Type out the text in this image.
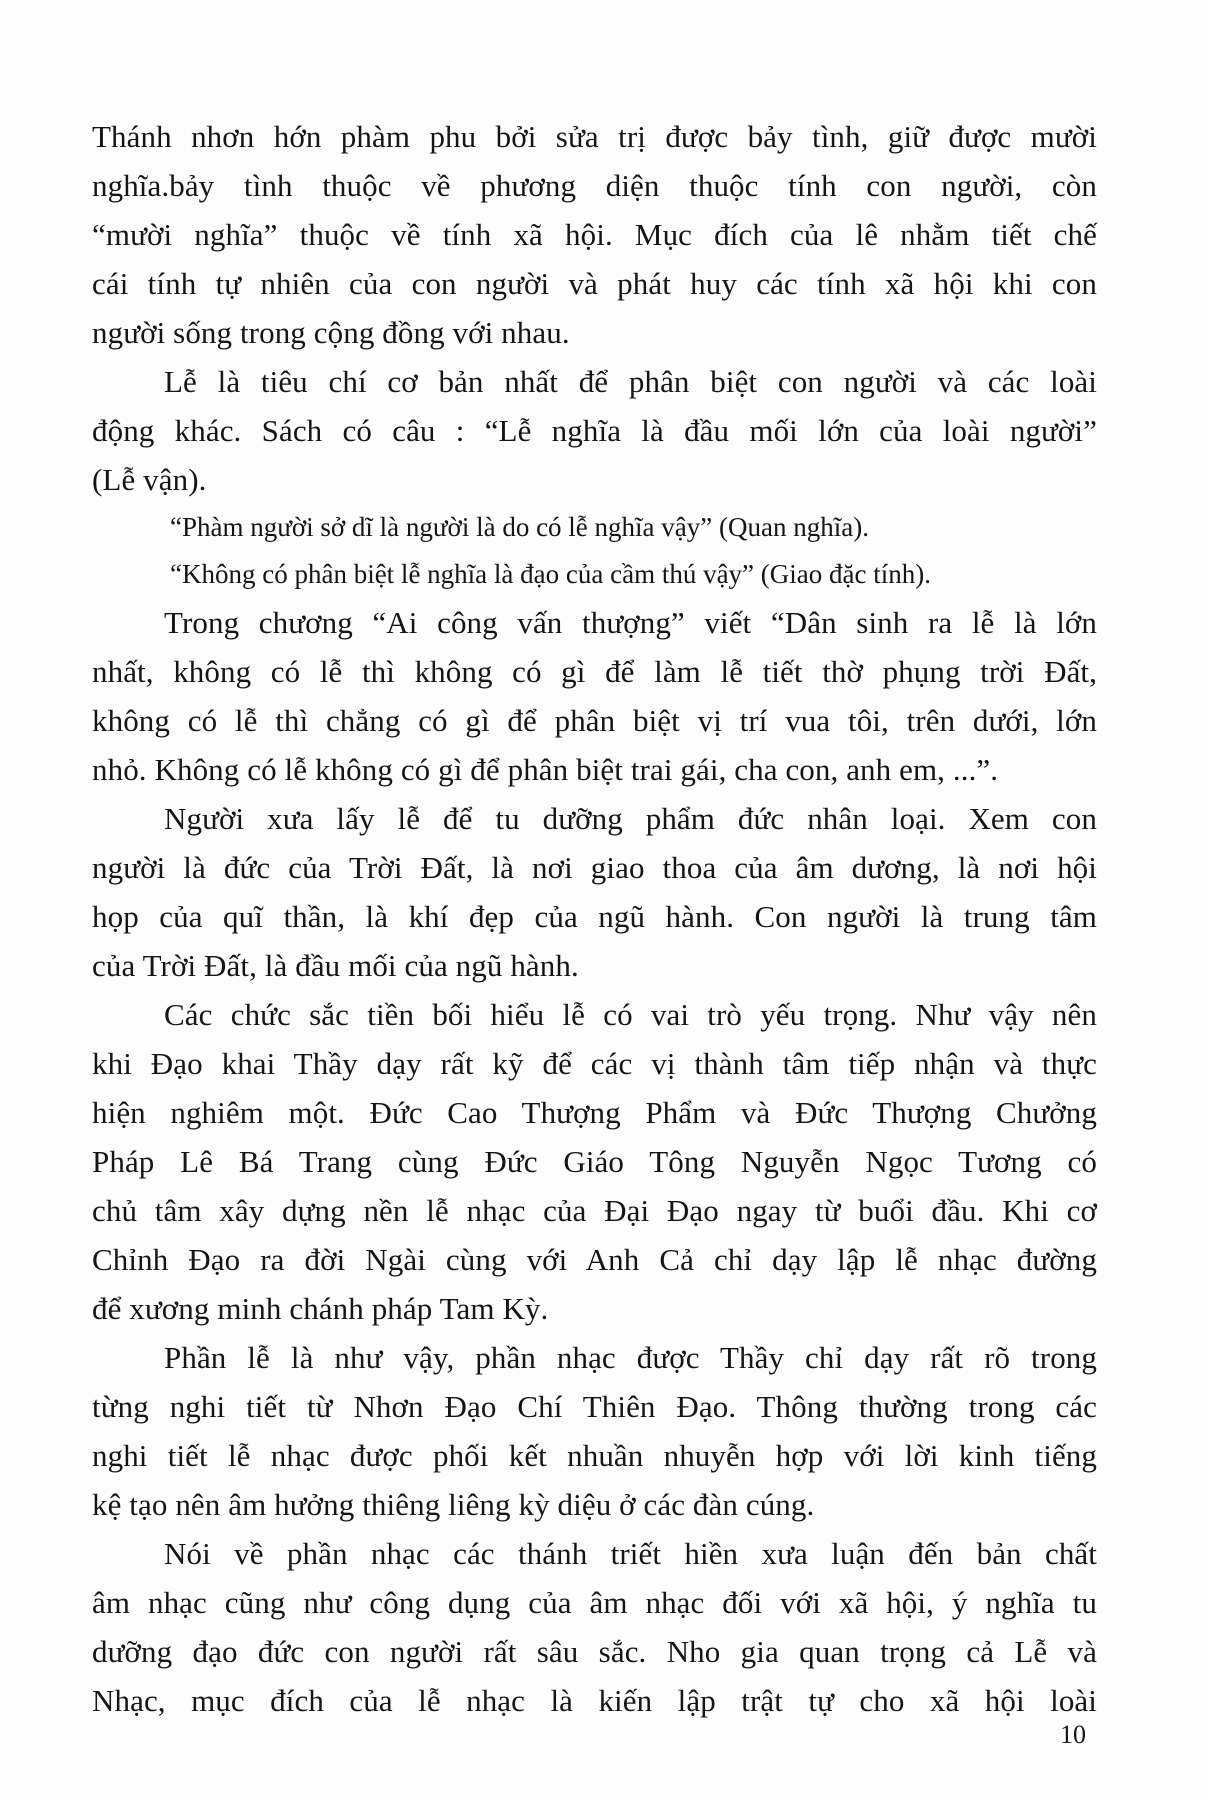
Thánh nhơn hớn phàm phu bởi sửa trị được bảy tình, giữ được mười
nghĩa.bảy tình thuộc về phương diện thuộc tính con người, còn
“mười nghĩa” thuộc về tính xã hội. Mục đích của lê nhằm tiết chế
cái tính tự nhiên của con người và phát huy các tính xã hội khi con
người sống trong cộng đồng với nhau.
Lễ là tiêu chí cơ bản nhất để phân biệt con người và các loài
động khác. Sách có câu : “Lễ nghĩa là đầu mối lớn của loài người”
(Lễ vận).
“Phàm người sở dĩ là người là do có lễ nghĩa vậy” (Quan nghĩa).
“Không có phân biệt lễ nghĩa là đạo của cầm thú vậy” (Giao đặc tính).
Trong chương “Ai công vấn thượng” viết “Dân sinh ra lễ là lớn
nhất, không có lễ thì không có gì để làm lễ tiết thờ phụng trời Đất,
không có lễ thì chẳng có gì để phân biệt vị trí vua tôi, trên dưới, lớn
nhỏ. Không có lễ không có gì để phân biệt trai gái, cha con, anh em, ...”.
Người xưa lấy lễ để tu dưỡng phẩm đức nhân loại. Xem con
người là đức của Trời Đất, là nơi giao thoa của âm dương, là nơi hội
họp của quĩ thần, là khí đẹp của ngũ hành. Con người là trung tâm
của Trời Đất, là đầu mối của ngũ hành.
Các chức sắc tiền bối hiểu lễ có vai trò yếu trọng. Như vậy nên
khi Đạo khai Thầy dạy rất kỹ để các vị thành tâm tiếp nhận và thực
hiện nghiêm một. Đức Cao Thượng Phẩm và Đức Thượng Chưởng
Pháp Lê Bá Trang cùng Đức Giáo Tông Nguyễn Ngọc Tương có
chủ tâm xây dựng nền lễ nhạc của Đại Đạo ngay từ buổi đầu. Khi cơ
Chỉnh Đạo ra đời Ngài cùng với Anh Cả chỉ dạy lập lễ nhạc đường
để xương minh chánh pháp Tam Kỳ.
Phần lễ là như vậy, phần nhạc được Thầy chỉ dạy rất rõ trong
từng nghi tiết từ Nhơn Đạo Chí Thiên Đạo. Thông thường trong các
nghi tiết lễ nhạc được phối kết nhuần nhuyễn hợp với lời kinh tiếng
kệ tạo nên âm hưởng thiêng liêng kỳ diệu ở các đàn cúng.
Nói về phần nhạc các thánh triết hiền xưa luận đến bản chất
âm nhạc cũng như công dụng của âm nhạc đối với xã hội, ý nghĩa tu
dưỡng đạo đức con người rất sâu sắc. Nho gia quan trọng cả Lễ và
Nhạc, mục đích của lễ nhạc là kiến lập trật tự cho xã hội loài
10
